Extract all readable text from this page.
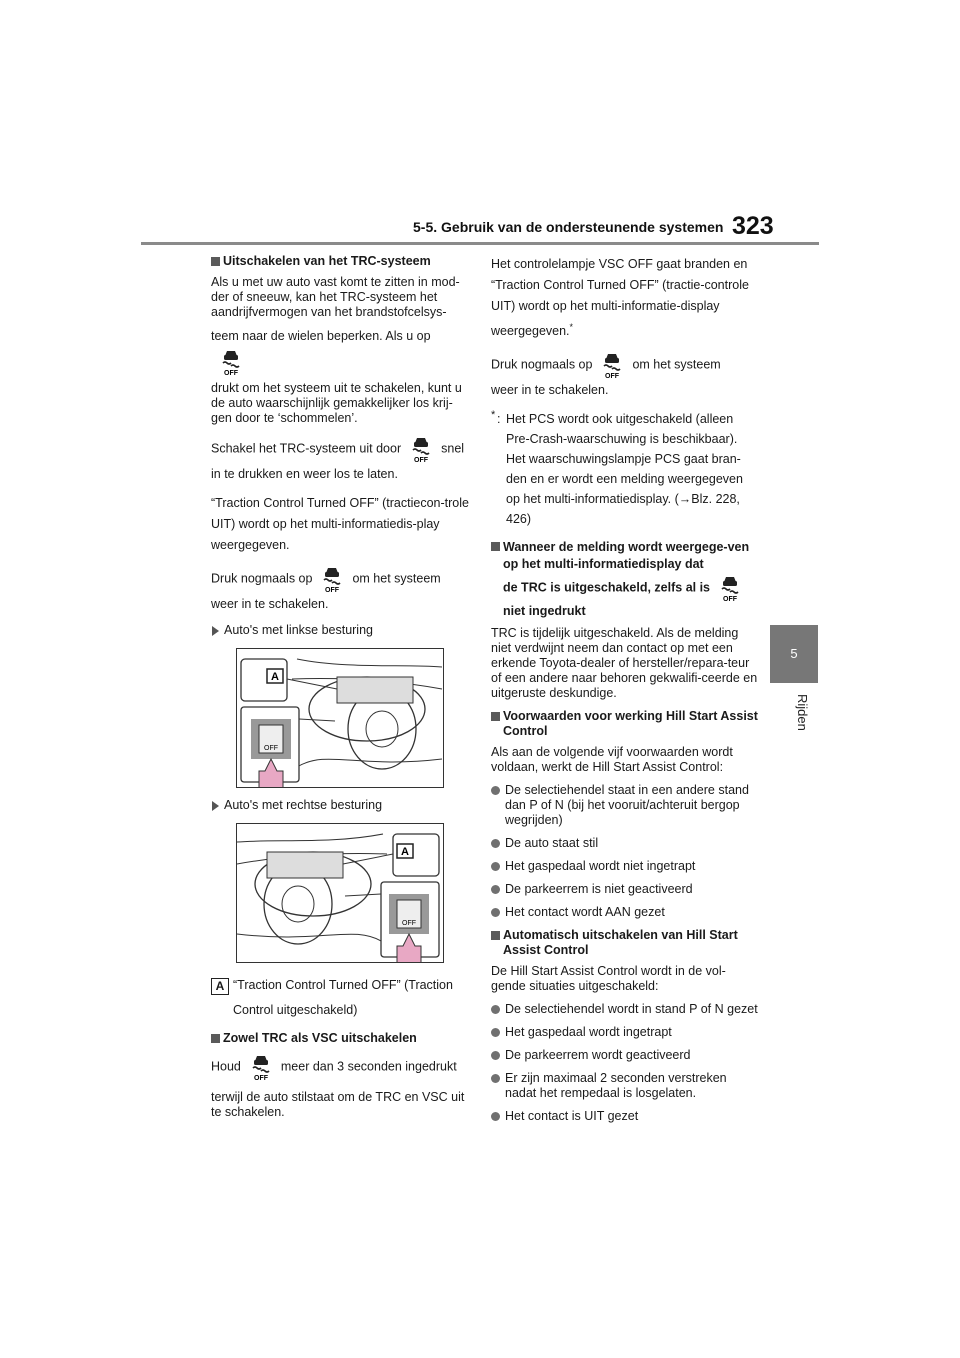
5-5. Gebruik van de ondersteunende systemen 323
5
Rijden
Uitschakelen van het TRC-systeem

Als u met uw auto vast komt te zitten in mod-der of sneeuw, kan het TRC-systeem het aandrijfvermogen van het brandstofcelsys-

teem naar de wielen beperken. Als u op
OFF

drukt om het systeem uit te schakelen, kunt u de auto waarschijnlijk gemakkelijker los krij-gen door te ‘schommelen’.

Schakel het TRC-systeem uit door
OFF
snel
in te drukken en weer los te laten.

“Traction Control Turned OFF” (tractiecon-trole UIT) wordt op het multi-informatiedis-play weergegeven.

Druk nogmaals op
OFF
om het systeem
weer in te schakelen.

Auto's met linkse besturing
OFF
A
Auto's met rechtse besturing
OFF
A
A “Traction Control Turned OFF” (Traction Control uitgeschakeld)
Zowel TRC als VSC uitschakelen

Houd
OFF
meer dan 3 seconden ingedrukt

terwijl de auto stilstaat om de TRC en VSC uit te schakelen.

Het controlelampje VSC OFF gaat branden en “Traction Control Turned OFF” (tractie-controle UIT) wordt op het multi-informatie-display weergegeven.*

Druk nogmaals op
OFF
om het systeem
weer in te schakelen.

* : Het PCS wordt ook uitgeschakeld (alleen Pre-Crash-waarschuwing is beschikbaar). Het waarschuwingslampje PCS gaat bran-den en er wordt een melding weergegeven op het multi-informatiedisplay. (→Blz. 228, 426)
Wanneer de melding wordt weergege-ven op het multi-informatiedisplay dat
de TRC is uitgeschakeld, zelfs al is
OFF

niet ingedrukt

TRC is tijdelijk uitgeschakeld. Als de melding niet verdwijnt neem dan contact op met een erkende Toyota-dealer of hersteller/repara-teur of een andere naar behoren gekwalifi-ceerde en uitgeruste deskundige.

Voorwaarden voor werking Hill Start Assist Control

Als aan de volgende vijf voorwaarden wordt voldaan, werkt de Hill Start Assist Control:

De selectiehendel staat in een andere stand dan P of N (bij het vooruit/achteruit bergop wegrijden)
De auto staat stil
Het gaspedaal wordt niet ingetrapt
De parkeerrem is niet geactiveerd
Het contact wordt AAN gezet
Automatisch uitschakelen van Hill Start Assist Control

De Hill Start Assist Control wordt in de vol-gende situaties uitgeschakeld:

De selectiehendel wordt in stand P of N gezet
Het gaspedaal wordt ingetrapt
De parkeerrem wordt geactiveerd
Er zijn maximaal 2 seconden verstreken nadat het rempedaal is losgelaten.
Het contact is UIT gezet
